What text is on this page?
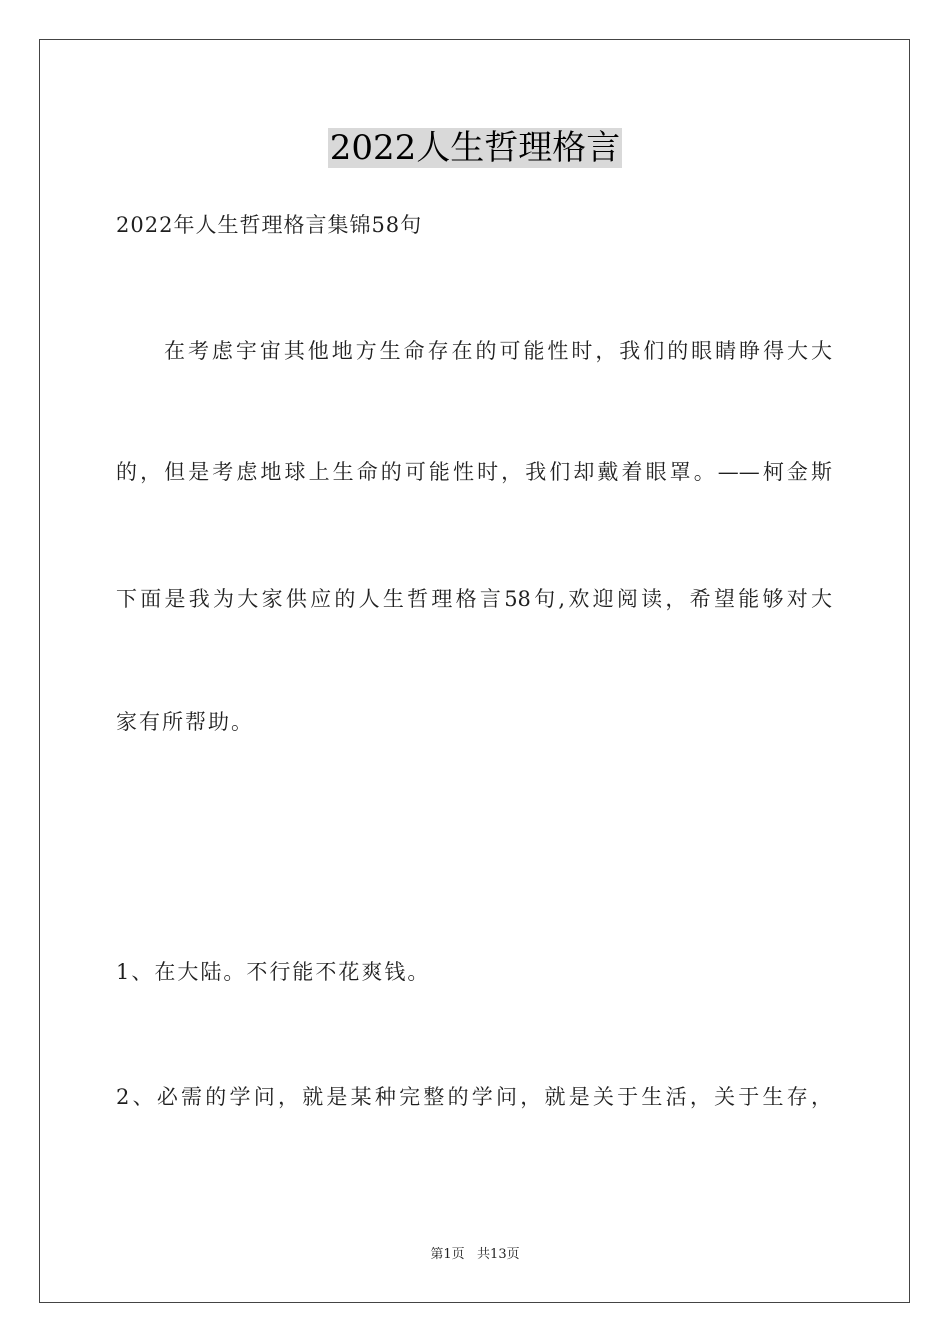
2022人生哲理格言
2022年人生哲理格言集锦58句
在考虑宇宙其他地方生命存在的可能性时，我们的眼睛睁得大大
的，但是考虑地球上生命的可能性时，我们却戴着眼罩。——柯金斯
下面是我为大家供应的人生哲理格言58句,欢迎阅读，希望能够对大
家有所帮助。
1、在大陆。不行能不花爽钱。
2、必需的学问，就是某种完整的学问，就是关于生活，关于生存，
第1页   共13页
